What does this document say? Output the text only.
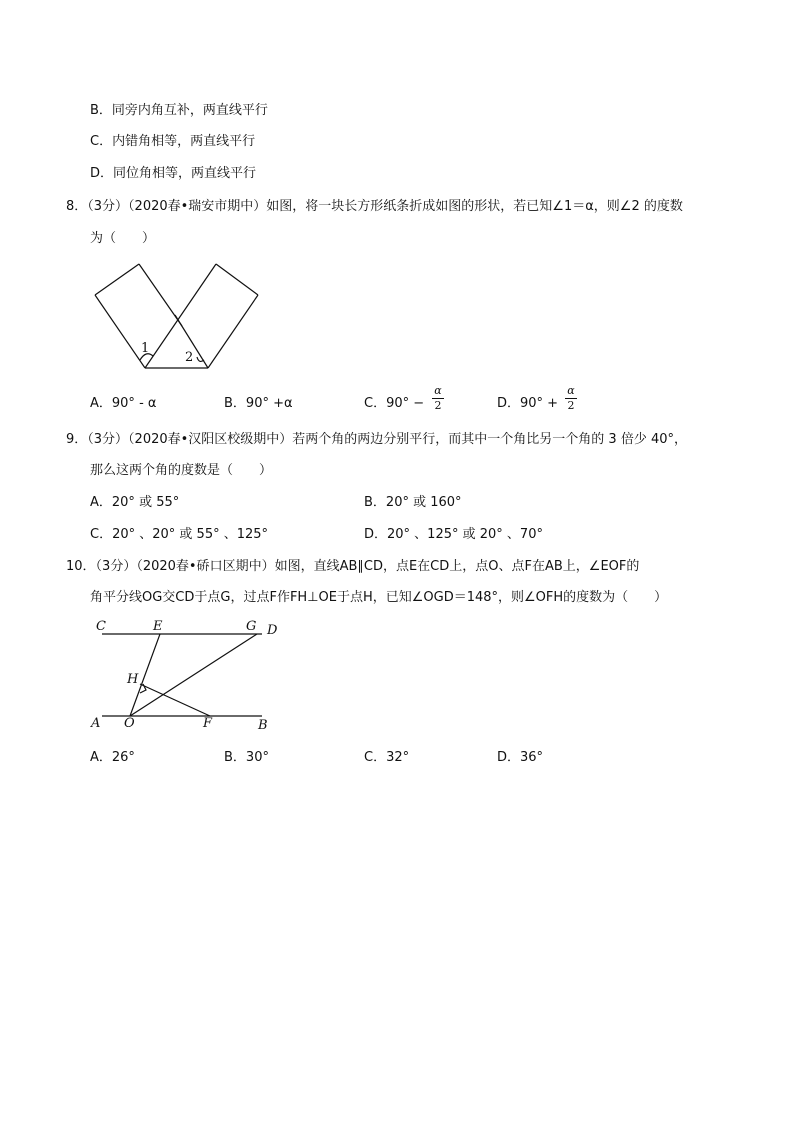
B．同旁内角互补，两直线平行
C．内错角相等，两直线平行
D．同位角相等，两直线平行
8．（3分）（2020春•瑞安市期中）如图，将一块长方形纸条折成如图的形状，若已知∠1＝α，则∠2 的度数
为（　　）
1
2
A．90° - α	B．90° +α	C．90° −
α
2	D．90° +
α
2
9．（3分）（2020春•汉阳区校级期中）若两个角的两边分别平行，而其中一个角比另一个角的 3 倍少 40°，
那么这两个角的度数是（　　）
A．20° 或 55°	B．20° 或 160°
C．20° 、20° 或 55° 、125°	D．20° 、125° 或 20° 、70°
10．（3分）（2020春•硚口区期中）如图，直线AB∥CD，点E在CD上，点O、点F在AB上，∠EOF的
角平分线OG交CD于点G，过点F作FH⊥OE于点H，已知∠OGD＝148°，则∠OFH的度数为（　　）
C	E	G D
H
A O	F	B
A．26°	B．30°	C．32°	D．36°
